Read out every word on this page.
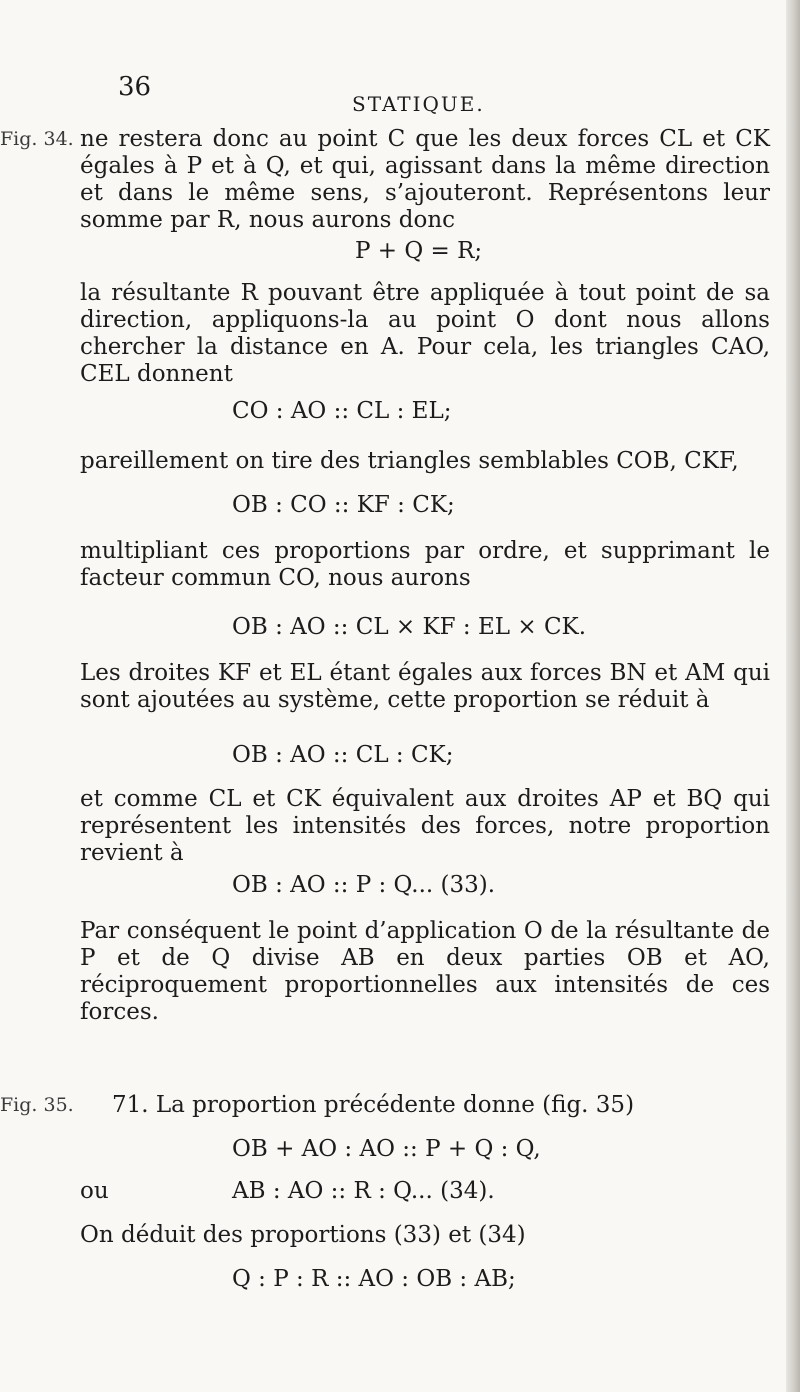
36
STATIQUE.
Fig. 34.
Fig. 35.

ne restera donc au point C que les deux forces CL et CK égales à P et à Q, et qui, agissant dans la même direction et dans le même sens, s’ajouteront. Représentons leur somme par R, nous aurons donc

P + Q = R;

la résultante R pouvant être appliquée à tout point de sa direction, appliquons-la au point O dont nous allons chercher la distance en A. Pour cela, les triangles CAO, CEL donnent

CO : AO :: CL : EL;

pareillement on tire des triangles semblables COB, CKF,

OB : CO :: KF : CK;

multipliant ces proportions par ordre, et supprimant le facteur commun CO, nous aurons

OB : AO :: CL × KF : EL × CK.

Les droites KF et EL étant égales aux forces BN et AM qui sont ajoutées au système, cette proportion se réduit à

OB : AO :: CL : CK;

et comme CL et CK équivalent aux droites AP et BQ qui représentent les intensités des forces, notre proportion revient à

OB : AO :: P : Q... (33).

Par conséquent le point d’application O de la résultante de P et de Q divise AB en deux parties OB et AO, réciproquement proportionnelles aux intensités de ces forces.

71. La proportion précédente donne (fig. 35)
OB + AO : AO :: P + Q : Q,
ou	AB : AO :: R : Q... (34).
On déduit des proportions (33) et (34)
Q : P : R :: AO : OB : AB;
